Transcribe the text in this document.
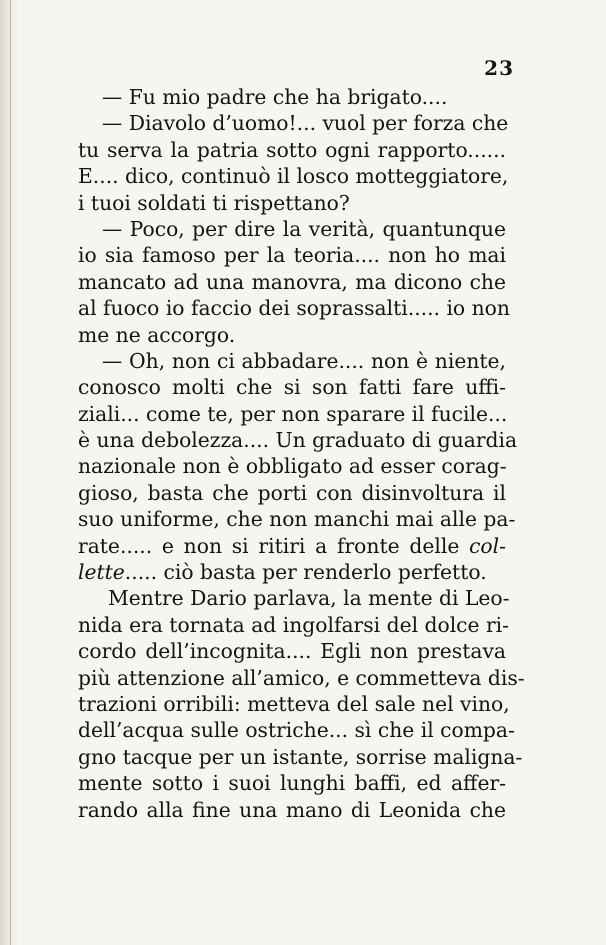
23
— Fu mio padre che ha brigato....
— Diavolo d’uomo!... vuol per forza che
tu serva la patria sotto ogni rapporto......
E.... dico, continuò il losco motteggiatore,
i tuoi soldati ti rispettano?
— Poco, per dire la verità, quantunque
io sia famoso per la teoria.... non ho mai
mancato ad una manovra, ma dicono che
al fuoco io faccio dei soprassalti..... io non
me ne accorgo.
— Oh, non ci abbadare.... non è niente,
conosco molti che si son fatti fare uffi-
ziali... come te, per non sparare il fucile...
è una debolezza.... Un graduato di guardia
nazionale non è obbligato ad esser corag-
gioso, basta che porti con disinvoltura il
suo uniforme, che non manchi mai alle pa-
rate..... e non si ritiri a fronte delle col-
lette..... ciò basta per renderlo perfetto.
Mentre Dario parlava, la mente di Leo-
nida era tornata ad ingolfarsi del dolce ri-
cordo dell’incognita.... Egli non prestava
più attenzione all’amico, e commetteva dis-
trazioni orribili: metteva del sale nel vino,
dell’acqua sulle ostriche... sì che il compa-
gno tacque per un istante, sorrise maligna-
mente sotto i suoi lunghi baffi, ed affer-
rando alla fine una mano di Leonida che
